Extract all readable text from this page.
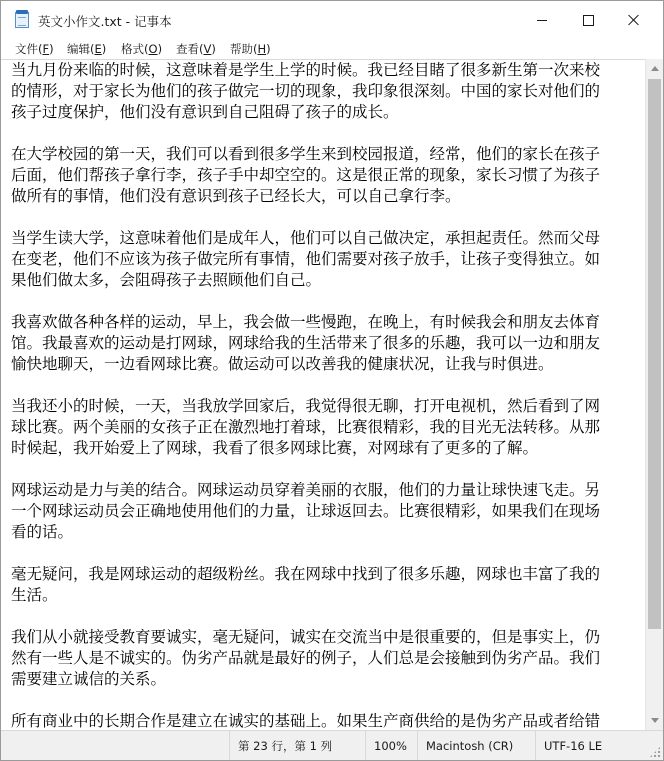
英文小作文.txt - 记事本
文件(F) 编辑(E) 格式(O) 查看(V) 帮助(H)
当九月份来临的时候，这意味着是学生上学的时候。我已经目睹了很多新生第一次来校
的情形，对于家长为他们的孩子做完一切的现象，我印象很深刻。中国的家长对他们的
孩子过度保护，他们没有意识到自己阻碍了孩子的成长。
在大学校园的第一天，我们可以看到很多学生来到校园报道，经常，他们的家长在孩子
后面，他们帮孩子拿行李，孩子手中却空空的。这是很正常的现象，家长习惯了为孩子
做所有的事情，他们没有意识到孩子已经长大，可以自己拿行李。
当学生读大学，这意味着他们是成年人，他们可以自己做决定，承担起责任。然而父母
在变老，他们不应该为孩子做完所有事情，他们需要对孩子放手，让孩子变得独立。如
果他们做太多，会阻碍孩子去照顾他们自己。
我喜欢做各种各样的运动，早上，我会做一些慢跑，在晚上，有时候我会和朋友去体育
馆。我最喜欢的运动是打网球，网球给我的生活带来了很多的乐趣，我可以一边和朋友
愉快地聊天，一边看网球比赛。做运动可以改善我的健康状况，让我与时俱进。
当我还小的时候，一天，当我放学回家后，我觉得很无聊，打开电视机，然后看到了网
球比赛。两个美丽的女孩子正在激烈地打着球，比赛很精彩，我的目光无法转移。从那
时候起，我开始爱上了网球，我看了很多网球比赛，对网球有了更多的了解。
网球运动是力与美的结合。网球运动员穿着美丽的衣服，他们的力量让球快速飞走。另
一个网球运动员会正确地使用他们的力量，让球返回去。比赛很精彩，如果我们在现场
看的话。
毫无疑问，我是网球运动的超级粉丝。我在网球中找到了很多乐趣，网球也丰富了我的
生活。
我们从小就接受教育要诚实，毫无疑问，诚实在交流当中是很重要的，但是事实上，仍
然有一些人是不诚实的。伪劣产品就是最好的例子，人们总是会接触到伪劣产品。我们
需要建立诚信的关系。
所有商业中的长期合作是建立在诚实的基础上。如果生产商供给的是伪劣产品或者给错
第 23 行，第 1 列	100%	Macintosh (CR)	UTF-16 LE
